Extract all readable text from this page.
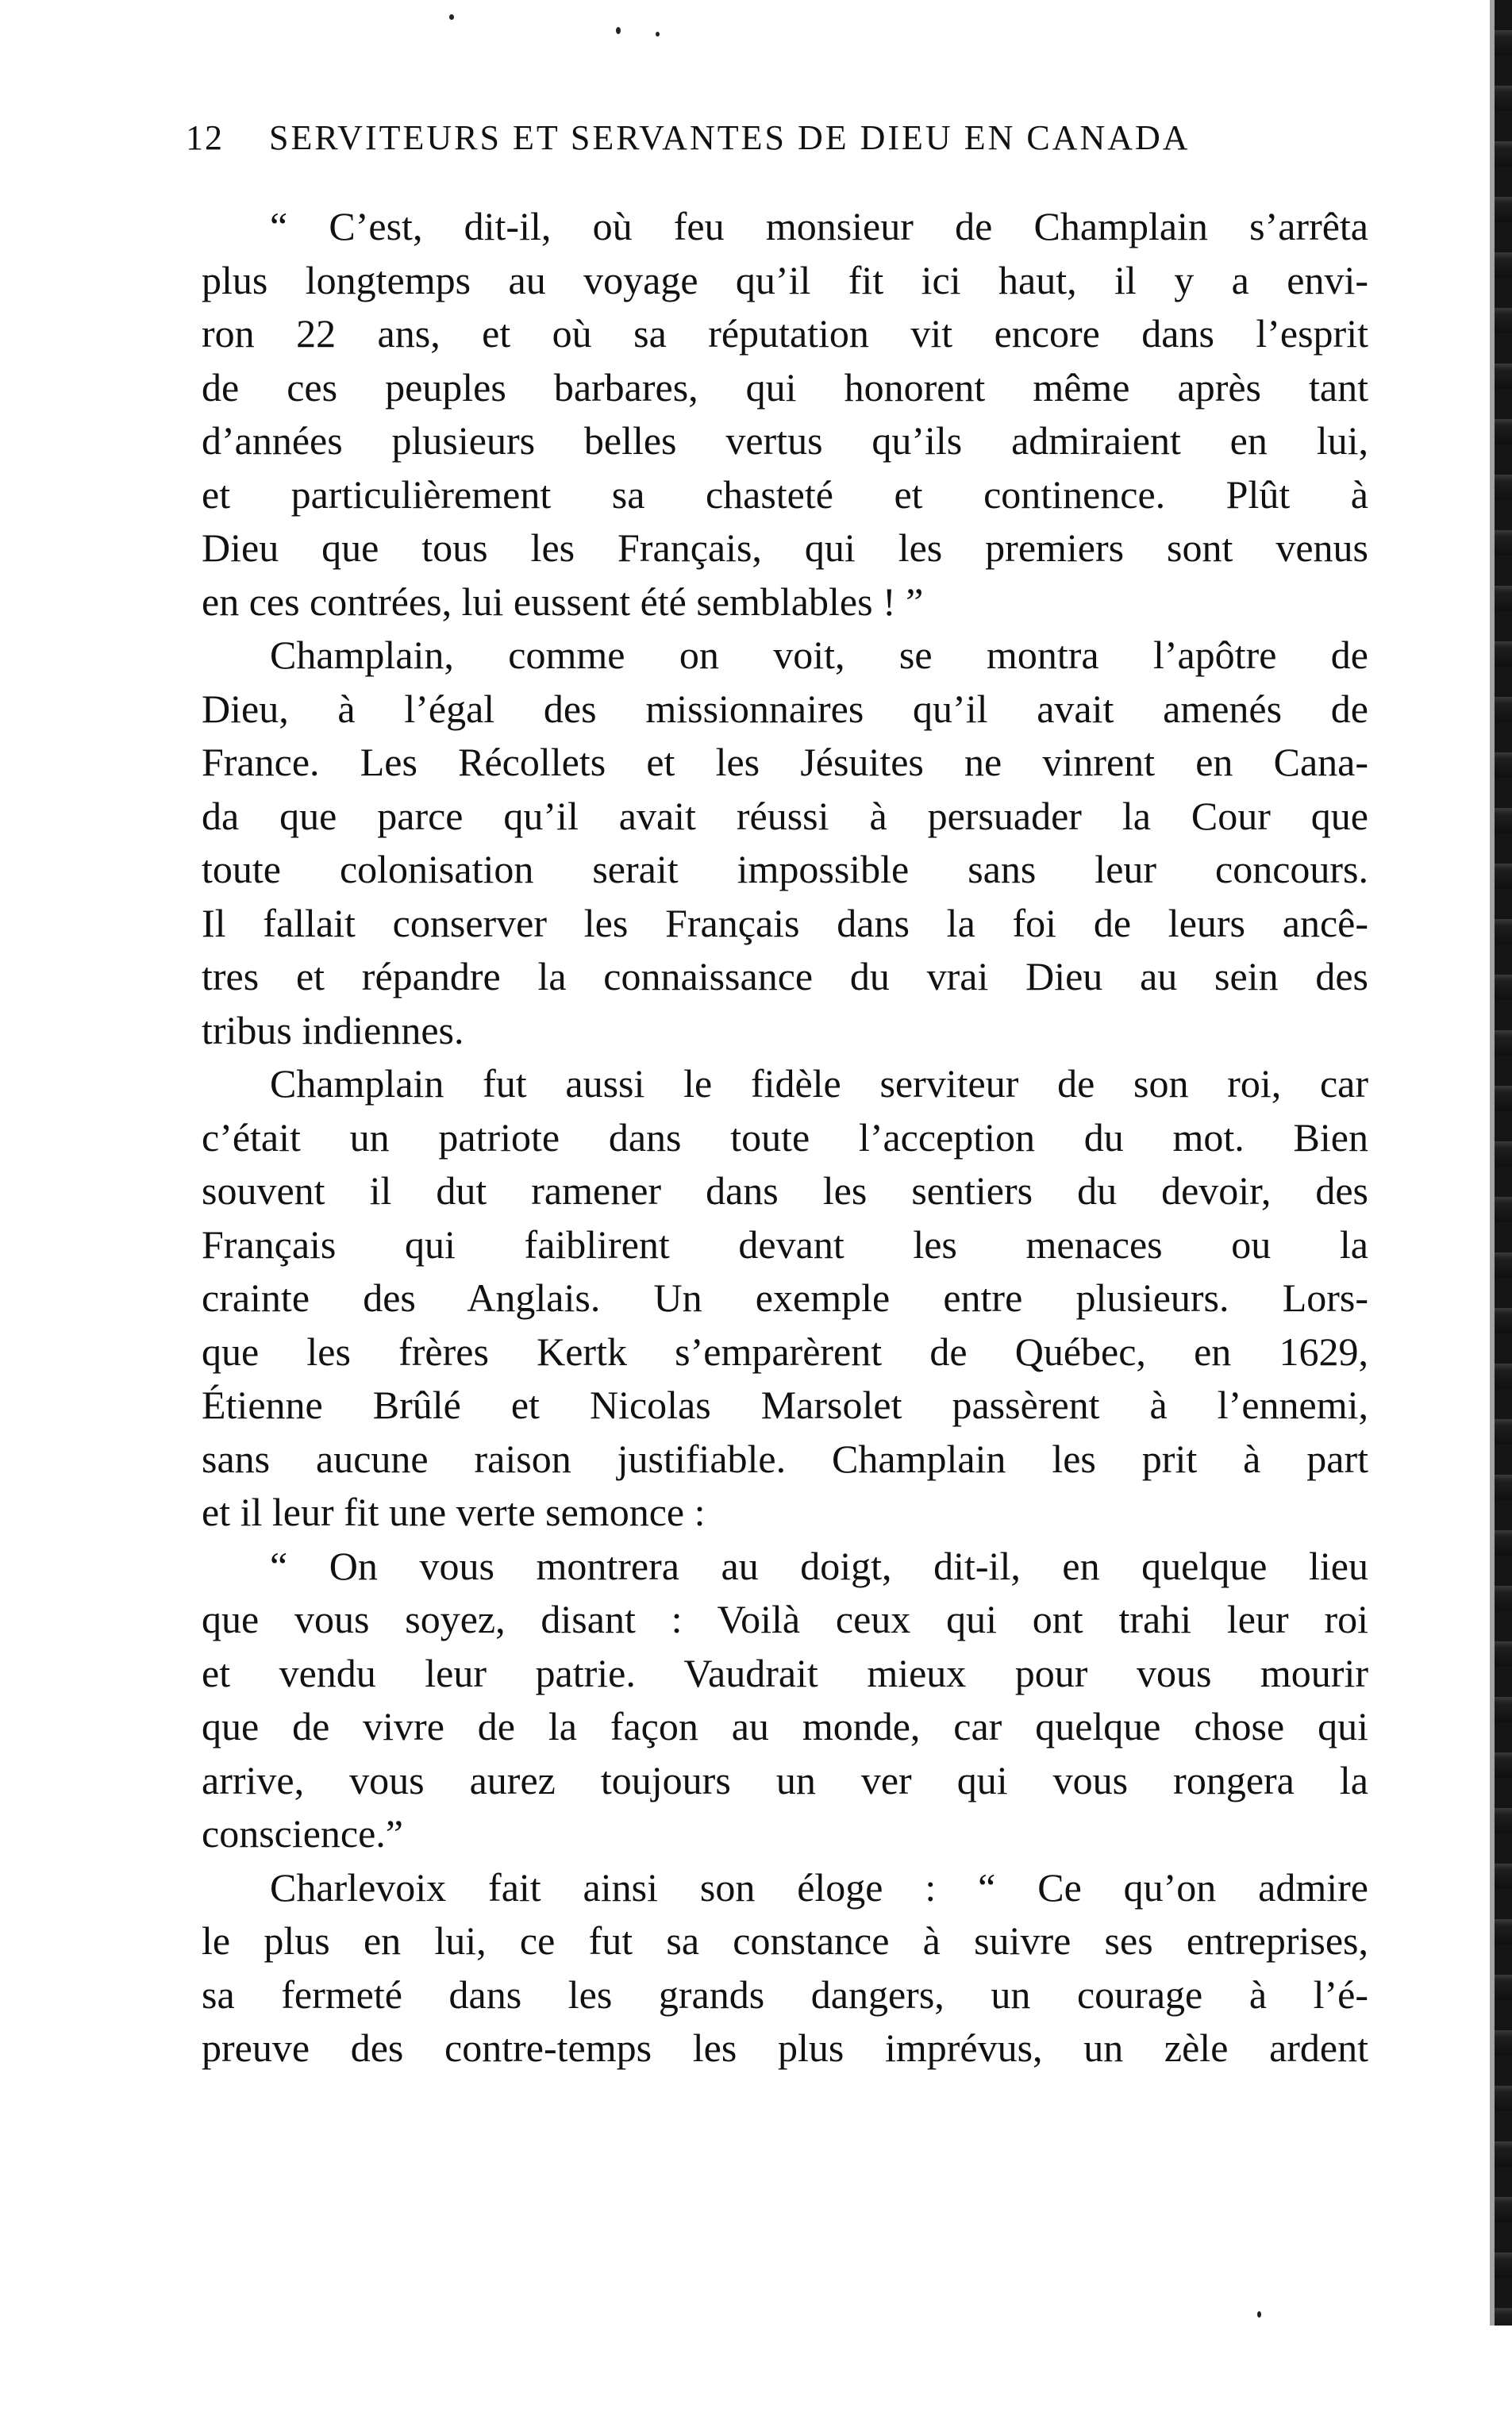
12 SERVITEURS ET SERVANTES DE DIEU EN CANADA
“ C’est, dit-il, où feu monsieur de Champlain s’arrêta
plus longtemps au voyage qu’il fit ici haut, il y a envi-
ron 22 ans, et où sa réputation vit encore dans l’esprit
de ces peuples barbares, qui honorent même après tant
d’années plusieurs belles vertus qu’ils admiraient en lui,
et particulièrement sa chasteté et continence. Plût à
Dieu que tous les Français, qui les premiers sont venus
en ces contrées, lui eussent été semblables ! ”
Champlain, comme on voit, se montra l’apôtre de
Dieu, à l’égal des missionnaires qu’il avait amenés de
France. Les Récollets et les Jésuites ne vinrent en Cana-
da que parce qu’il avait réussi à persuader la Cour que
toute colonisation serait impossible sans leur concours.
Il fallait conserver les Français dans la foi de leurs ancê-
tres et répandre la connaissance du vrai Dieu au sein des
tribus indiennes.
Champlain fut aussi le fidèle serviteur de son roi, car
c’était un patriote dans toute l’acception du mot. Bien
souvent il dut ramener dans les sentiers du devoir, des
Français qui faiblirent devant les menaces ou la
crainte des Anglais. Un exemple entre plusieurs. Lors-
que les frères Kertk s’emparèrent de Québec, en 1629,
Étienne Brûlé et Nicolas Marsolet passèrent à l’ennemi,
sans aucune raison justifiable. Champlain les prit à part
et il leur fit une verte semonce :
“ On vous montrera au doigt, dit-il, en quelque lieu
que vous soyez, disant : Voilà ceux qui ont trahi leur roi
et vendu leur patrie. Vaudrait mieux pour vous mourir
que de vivre de la façon au monde, car quelque chose qui
arrive, vous aurez toujours un ver qui vous rongera la
conscience.”
Charlevoix fait ainsi son éloge : “ Ce qu’on admire
le plus en lui, ce fut sa constance à suivre ses entreprises,
sa fermeté dans les grands dangers, un courage à l’é-
preuve des contre-temps les plus imprévus, un zèle ardent
